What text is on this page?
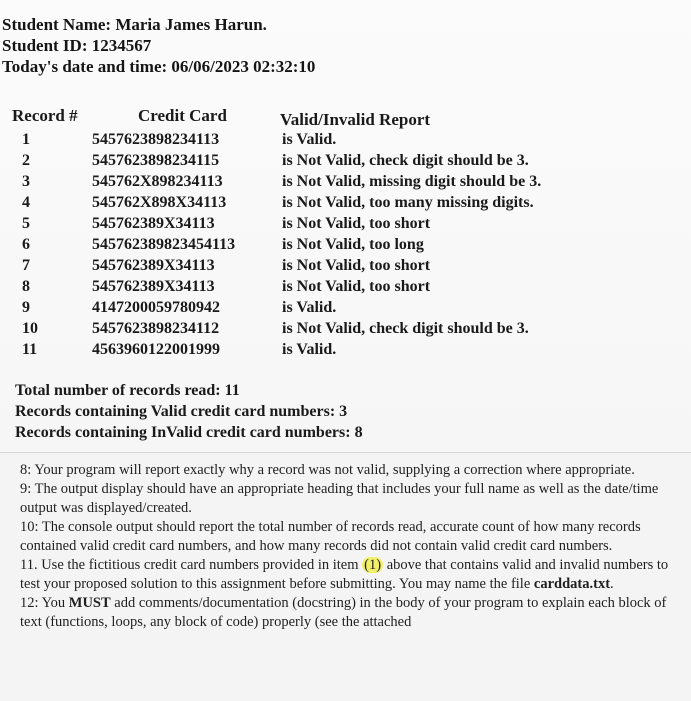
Student Name: Maria James Harun.
Student ID: 1234567
Today's date and time: 06/06/2023 02:32:10
Record #	Credit Card	Valid/Invalid Report
1	5457623898234113	is Valid.
2	5457623898234115	is Not Valid, check digit should be 3.
3	545762X898234113	is Not Valid, missing digit should be 3.
4	545762X898X34113	is Not Valid, too many missing digits.
5	545762389X34113	is Not Valid, too short
6	545762389823454113	is Not Valid, too long
7	545762389X34113	is Not Valid, too short
8	545762389X34113	is Not Valid, too short
9	4147200059780942	is Valid.
10	5457623898234112	is Not Valid, check digit should be 3.
11	4563960122001999	is Valid.
Total number of records read: 11
Records containing Valid credit card numbers: 3
Records containing InValid credit card numbers: 8

8: Your program will report exactly why a record was not valid, supplying a correction where appropriate.

9: The output display should have an appropriate heading that includes your full name as well as the date/time output was displayed/created.

10: The console output should report the total number of records read, accurate count of how many records contained valid credit card numbers, and how many records did not contain valid credit card numbers.

11. Use the fictitious credit card numbers provided in item (1) above that contains valid and invalid numbers to test your proposed solution to this assignment before submitting. You may name the file carddata.txt.

12: You MUST add comments/documentation (docstring) in the body of your program to explain each block of text (functions, loops, any block of code) properly (see the attached
